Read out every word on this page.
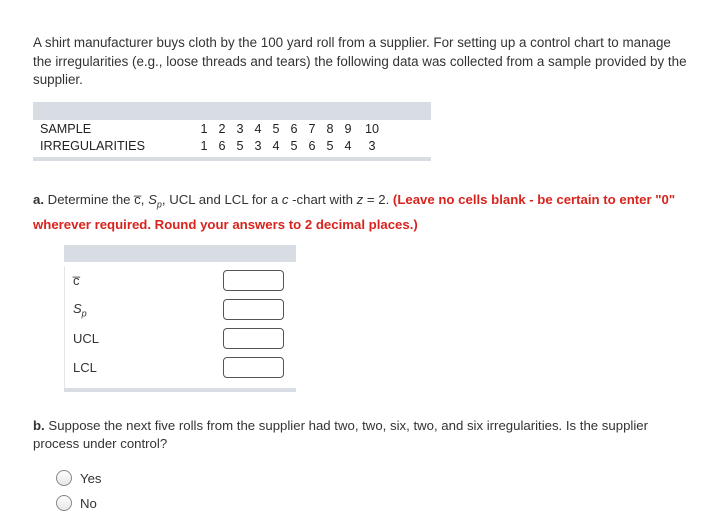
A shirt manufacturer buys cloth by the 100 yard roll from a supplier. For setting up a control chart to manage the irregularities (e.g., loose threads and tears) the following data was collected from a sample provided by the supplier.
SAMPLE	1 2 3 4 5 6 7 8 9	10
IRREGULARITIES	1 6 5 3 4 5 6 5 4	3
a. Determine the c̅, $S_p$, UCL and LCL for a c -chart with z = 2. (Leave no cells blank - be certain to enter "0" wherever required. Round your answers to 2 decimal places.)
c̅
$S_p$
UCL
LCL
b. Suppose the next five rolls from the supplier had two, two, six, two, and six irregularities. Is the supplier process under control?
Yes
No
